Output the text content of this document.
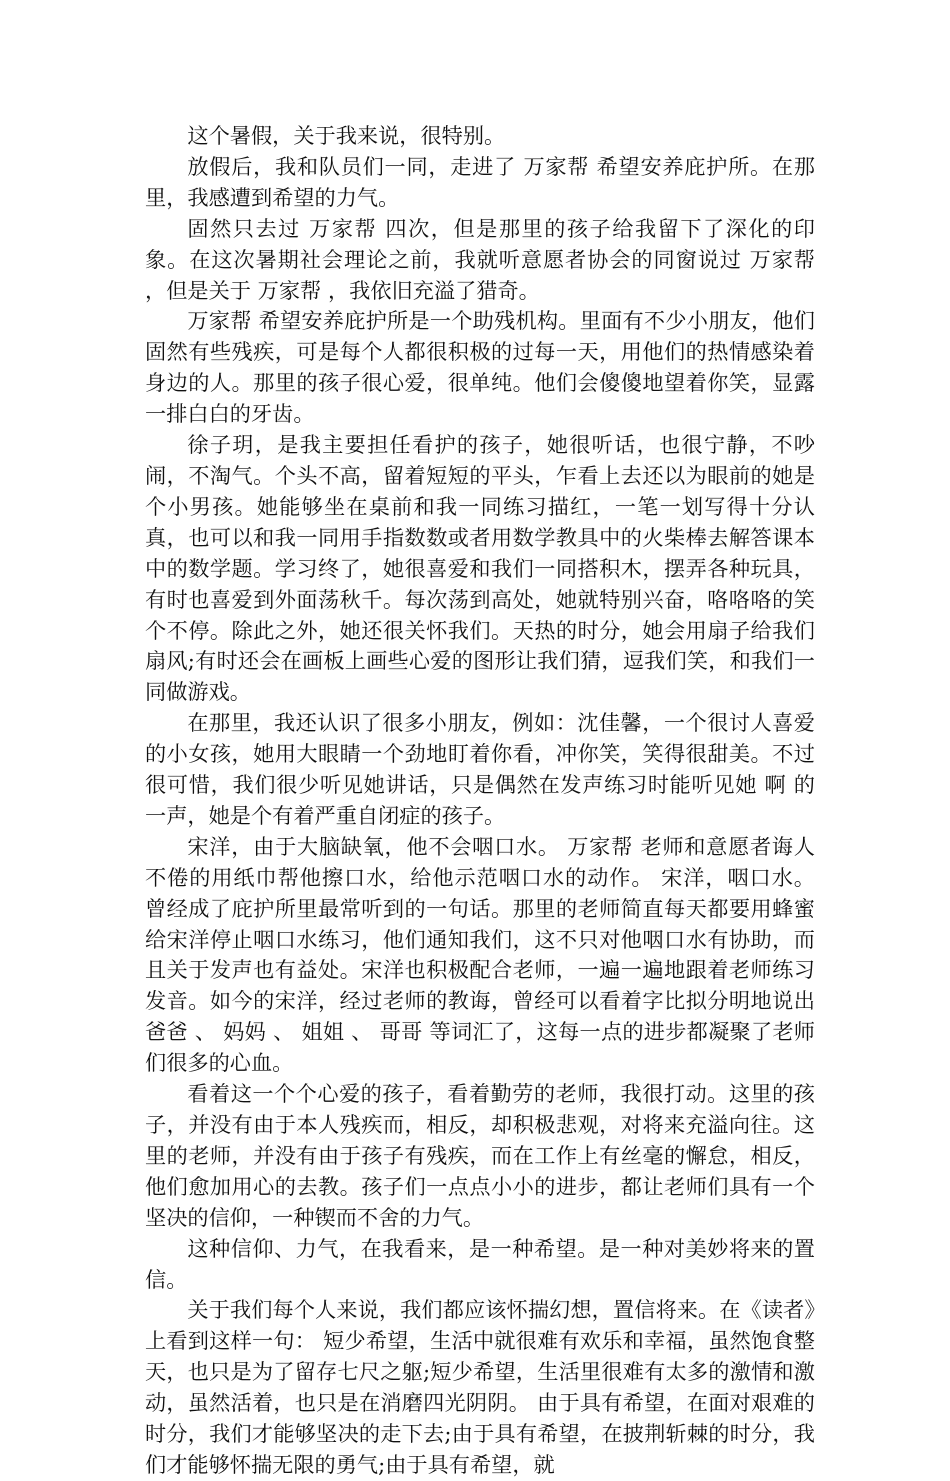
这个暑假，关于我来说，很特别。

放假后，我和队员们一同，走进了 万家帮 希望安养庇护所。在那里，我感遭到希望的力气。

固然只去过 万家帮 四次，但是那里的孩子给我留下了深化的印象。在这次暑期社会理论之前，我就听意愿者协会的同窗说过 万家帮 ，但是关于 万家帮 ，我依旧充溢了猎奇。

万家帮 希望安养庇护所是一个助残机构。里面有不少小朋友，他们固然有些残疾，可是每个人都很积极的过每一天，用他们的热情感染着身边的人。那里的孩子很心爱，很单纯。他们会傻傻地望着你笑，显露一排白白的牙齿。

徐子玥，是我主要担任看护的孩子，她很听话，也很宁静，不吵闹，不淘气。个头不高，留着短短的平头，乍看上去还以为眼前的她是个小男孩。她能够坐在桌前和我一同练习描红，一笔一划写得十分认真，也可以和我一同用手指数数或者用数学教具中的火柴棒去解答课本中的数学题。学习终了，她很喜爱和我们一同搭积木，摆弄各种玩具，有时也喜爱到外面荡秋千。每次荡到高处，她就特别兴奋，咯咯咯的笑个不停。除此之外，她还很关怀我们。天热的时分，她会用扇子给我们扇风;有时还会在画板上画些心爱的图形让我们猜，逗我们笑，和我们一同做游戏。

在那里，我还认识了很多小朋友，例如：沈佳馨，一个很讨人喜爱的小女孩，她用大眼睛一个劲地盯着你看，冲你笑，笑得很甜美。不过很可惜，我们很少听见她讲话，只是偶然在发声练习时能听见她 啊 的一声，她是个有着严重自闭症的孩子。

宋洋，由于大脑缺氧，他不会咽口水。 万家帮 老师和意愿者诲人不倦的用纸巾帮他擦口水，给他示范咽口水的动作。 宋洋，咽口水。 曾经成了庇护所里最常听到的一句话。那里的老师简直每天都要用蜂蜜给宋洋停止咽口水练习，他们通知我们，这不只对他咽口水有协助，而且关于发声也有益处。宋洋也积极配合老师，一遍一遍地跟着老师练习发音。如今的宋洋，经过老师的教诲，曾经可以看着字比拟分明地说出 爸爸 、 妈妈 、 姐姐 、 哥哥 等词汇了，这每一点的进步都凝聚了老师们很多的心血。

看着这一个个心爱的孩子，看着勤劳的老师，我很打动。这里的孩子，并没有由于本人残疾而，相反，却积极悲观，对将来充溢向往。这里的老师，并没有由于孩子有残疾，而在工作上有丝毫的懈怠，相反，他们愈加用心的去教。孩子们一点点小小的进步，都让老师们具有一个坚决的信仰，一种锲而不舍的力气。

这种信仰、力气，在我看来，是一种希望。是一种对美妙将来的置信。

关于我们每个人来说，我们都应该怀揣幻想，置信将来。在《读者》上看到这样一句： 短少希望，生活中就很难有欢乐和幸福，虽然饱食整天，也只是为了留存七尺之躯;短少希望，生活里很难有太多的激情和激动，虽然活着，也只是在消磨四光阴阴。 由于具有希望，在面对艰难的时分，我们才能够坚决的走下去;由于具有希望，在披荆斩棘的时分，我们才能够怀揣无限的勇气;由于具有希望，就
